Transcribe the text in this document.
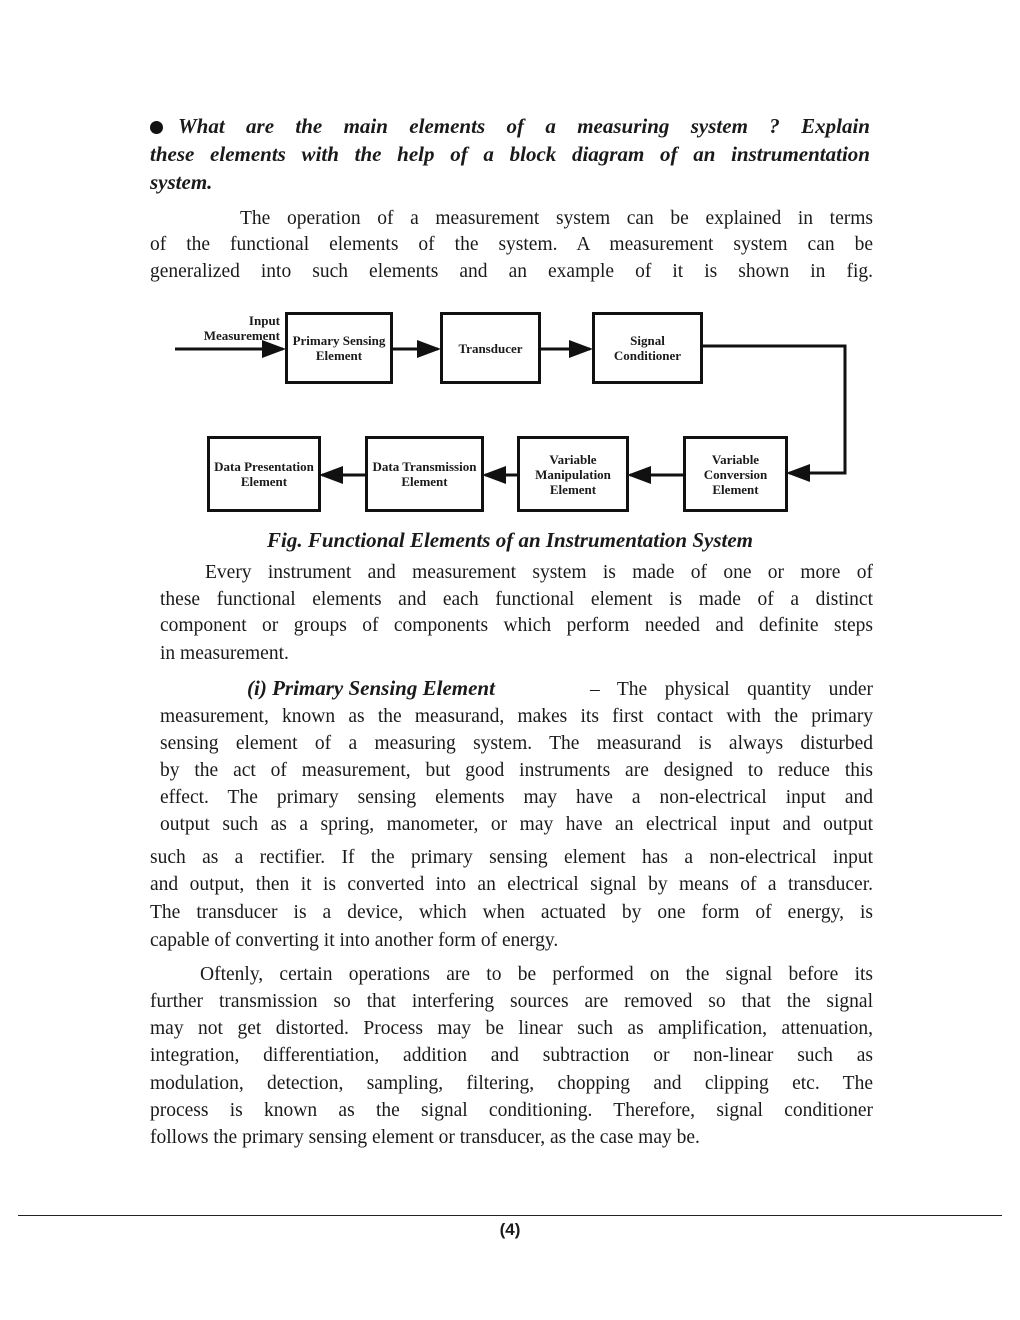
What are the main elements of a measuring system ? Explain
these elements with the help of a block diagram of an instrumentation
system.
The operation of a measurement system can be explained in terms
of the functional elements of the system. A measurement system can be
generalized into such elements and an example of it is shown in fig.
Every instrument and measurement system is made of one or more of
these functional elements and each functional element is made of a distinct
component or groups of components which perform needed and definite steps
in measurement.
– The physical quantity under
measurement, known as the measurand, makes its first contact with the primary
sensing element of a measuring system. The measurand is always disturbed
by the act of measurement, but good instruments are designed to reduce this
effect. The primary sensing elements may have a non-electrical input and
output such as a spring, manometer, or may have an electrical input and output
such as a rectifier. If the primary sensing element has a non-electrical input
and output, then it is converted into an electrical signal by means of a transducer.
The transducer is a device, which when actuated by one form of energy, is
capable of converting it into another form of energy.
Oftenly, certain operations are to be performed on the signal before its
further transmission so that interfering sources are removed so that the signal
may not get distorted. Process may be linear such as amplification, attenuation,
integration, differentiation, addition and subtraction or non-linear such as
modulation, detection, sampling, filtering, chopping and clipping etc. The
process is known as the signal conditioning. Therefore, signal conditioner
follows the primary sensing element or transducer, as the case may be.
(i) Primary Sensing Element
Input Measurement Primary Sensing Element	Transducer	Signal Conditioner
Variable Conversion Element
Variable Manipulation Element
Data Transmission Element
Data Presentation Element
Fig. Functional Elements of an Instrumentation System
(4)
